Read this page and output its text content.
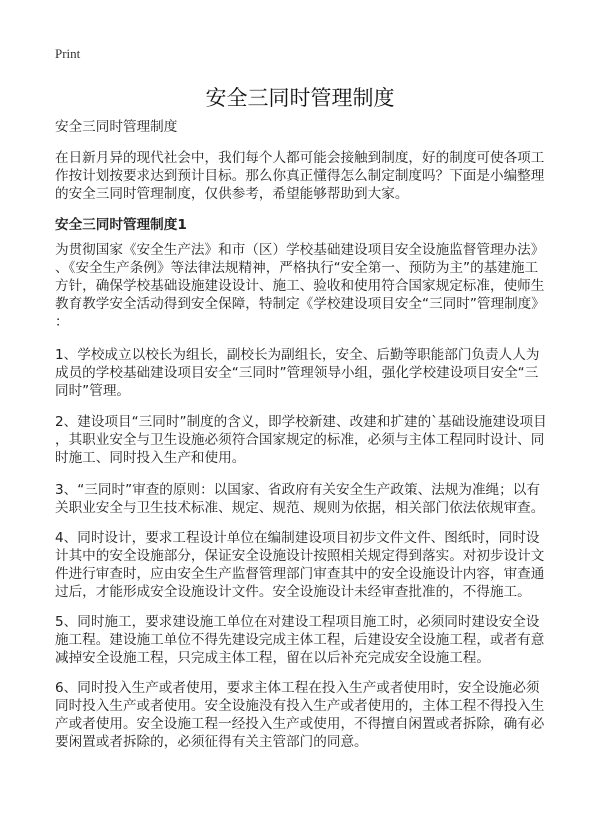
Print
安全三同时管理制度
安全三同时管理制度
在日新月异的现代社会中，我们每个人都可能会接触到制度，好的制度可使各项工
作按计划按要求达到预计目标。那么你真正懂得怎么制定制度吗？下面是小编整理
的安全三同时管理制度，仅供参考，希望能够帮助到大家。
安全三同时管理制度1
为贯彻国家《安全生产法》和市（区）学校基础建设项目安全设施监督管理办法》
、《安全生产条例》等法律法规精神，严格执行“安全第一、预防为主”的基建施工
方针，确保学校基础设施建设设计、施工、验收和使用符合国家规定标准，使师生
教育教学安全活动得到安全保障，特制定《学校建设项目安全“三同时”管理制度》
：
1、学校成立以校长为组长，副校长为副组长，安全、后勤等职能部门负责人人为
成员的学校基础建设项目安全“三同时”管理领导小组，强化学校建设项目安全“三
同时”管理。
2、建设项目“三同时”制度的含义，即学校新建、改建和扩建的`基础设施建设项目
，其职业安全与卫生设施必须符合国家规定的标准，必须与主体工程同时设计、同
时施工、同时投入生产和使用。
3、“三同时”审查的原则：以国家、省政府有关安全生产政策、法规为准绳；以有
关职业安全与卫生技术标准、规定、规范、规则为依据，相关部门依法依规审查。
4、同时设计，要求工程设计单位在编制建设项目初步文件文件、图纸时，同时设
计其中的安全设施部分，保证安全设施设计按照相关规定得到落实。对初步设计文
件进行审查时，应由安全生产监督管理部门审查其中的安全设施设计内容，审查通
过后，才能形成安全设施设计文件。安全设施设计未经审查批准的，不得施工。
5、同时施工，要求建设施工单位在对建设工程项目施工时，必须同时建设安全设
施工程。建设施工单位不得先建设完成主体工程，后建设安全设施工程，或者有意
减掉安全设施工程，只完成主体工程，留在以后补充完成安全设施工程。
6、同时投入生产或者使用，要求主体工程在投入生产或者使用时，安全设施必须
同时投入生产或者使用。安全设施没有投入生产或者使用的，主体工程不得投入生
产或者使用。安全设施工程一经投入生产或使用，不得擅自闲置或者拆除，确有必
要闲置或者拆除的，必须征得有关主管部门的同意。
